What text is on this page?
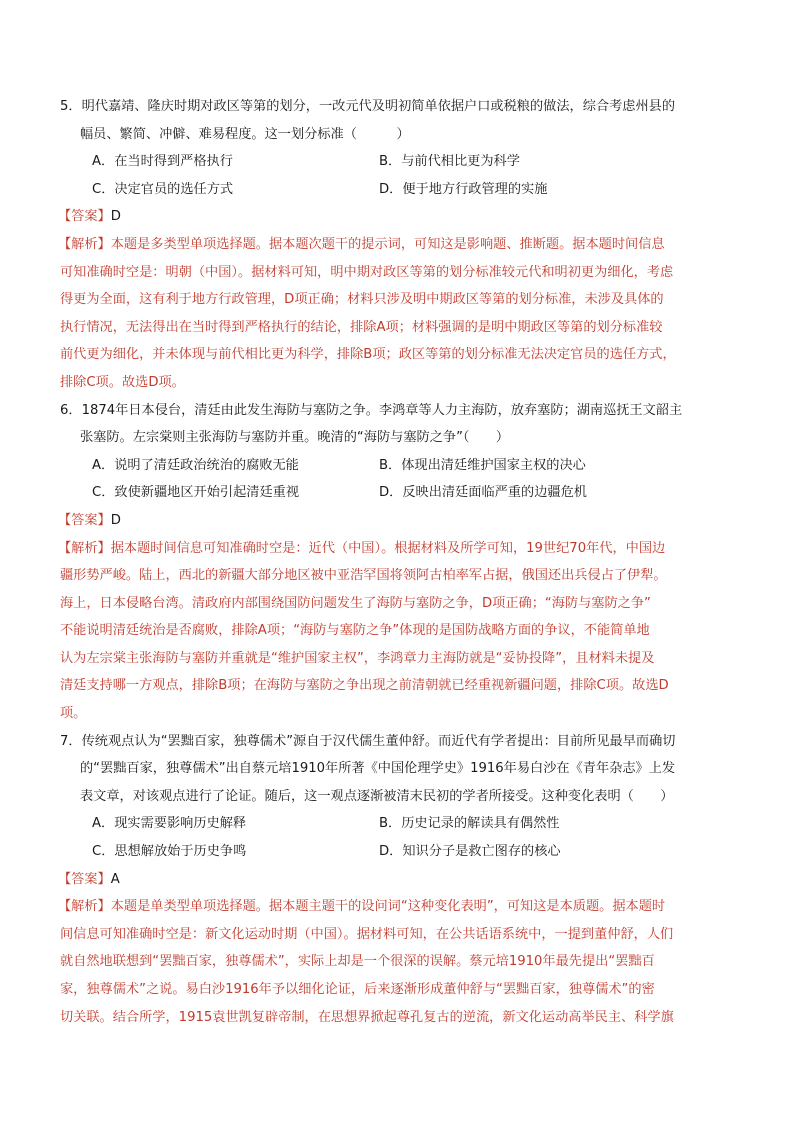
5．明代嘉靖、隆庆时期对政区等第的划分，一改元代及明初简单依据户口或税粮的做法，综合考虑州县的
幅员、繁简、冲僻、难易程度。这一划分标准（　　　）
A．在当时得到严格执行	B．与前代相比更为科学
C．决定官员的选任方式	D．便于地方行政管理的实施
【答案】D
【解析】本题是多类型单项选择题。据本题次题干的提示词，可知这是影响题、推断题。据本题时间信息
可知准确时空是：明朝（中国）。据材料可知，明中期对政区等第的划分标准较元代和明初更为细化，考虑
得更为全面，这有利于地方行政管理，D项正确；材料只涉及明中期政区等第的划分标准，未涉及具体的
执行情况，无法得出在当时得到严格执行的结论，排除A项；材料强调的是明中期政区等第的划分标准较
前代更为细化，并未体现与前代相比更为科学，排除B项；政区等第的划分标准无法决定官员的选任方式，
排除C项。故选D项。
6．1874年日本侵台，清廷由此发生海防与塞防之争。李鸿章等人力主海防，放弃塞防；湖南巡抚王文韶主
张塞防。左宗棠则主张海防与塞防并重。晚清的“海防与塞防之争”（　　）
A．说明了清廷政治统治的腐败无能	B．体现出清廷维护国家主权的决心
C．致使新疆地区开始引起清廷重视	D．反映出清廷面临严重的边疆危机
【答案】D
【解析】据本题时间信息可知准确时空是：近代（中国）。根据材料及所学可知，19世纪70年代，中国边
疆形势严峻。陆上，西北的新疆大部分地区被中亚浩罕国将领阿古柏率军占据，俄国还出兵侵占了伊犁。
海上，日本侵略台湾。清政府内部围绕国防问题发生了海防与塞防之争，D项正确；“海防与塞防之争”
不能说明清廷统治是否腐败，排除A项；“海防与塞防之争”体现的是国防战略方面的争议，不能简单地
认为左宗棠主张海防与塞防并重就是“维护国家主权”，李鸿章力主海防就是“妥协投降”，且材料未提及
清廷支持哪一方观点，排除B项；在海防与塞防之争出现之前清朝就已经重视新疆问题，排除C项。故选D
项。
7．传统观点认为“罢黜百家，独尊儒术”源自于汉代儒生董仲舒。而近代有学者提出：目前所见最早而确切
的“罢黜百家，独尊儒术”出自蔡元培1910年所著《中国伦理学史》1916年易白沙在《青年杂志》上发
表文章，对该观点进行了论证。随后，这一观点逐渐被清末民初的学者所接受。这种变化表明（　　）
A．现实需要影响历史解释	B．历史记录的解读具有偶然性
C．思想解放始于历史争鸣	D．知识分子是救亡图存的核心
【答案】A
【解析】本题是单类型单项选择题。据本题主题干的设问词“这种变化表明”，可知这是本质题。据本题时
间信息可知准确时空是：新文化运动时期（中国）。据材料可知，在公共话语系统中，一提到董仲舒，人们
就自然地联想到“罢黜百家，独尊儒术”，实际上却是一个很深的误解。蔡元培1910年最先提出“罢黜百
家，独尊儒术”之说。易白沙1916年予以细化论证，后来逐渐形成董仲舒与“罢黜百家，独尊儒术”的密
切关联。结合所学，1915袁世凯复辟帝制，在思想界掀起尊孔复古的逆流，新文化运动高举民主、科学旗
